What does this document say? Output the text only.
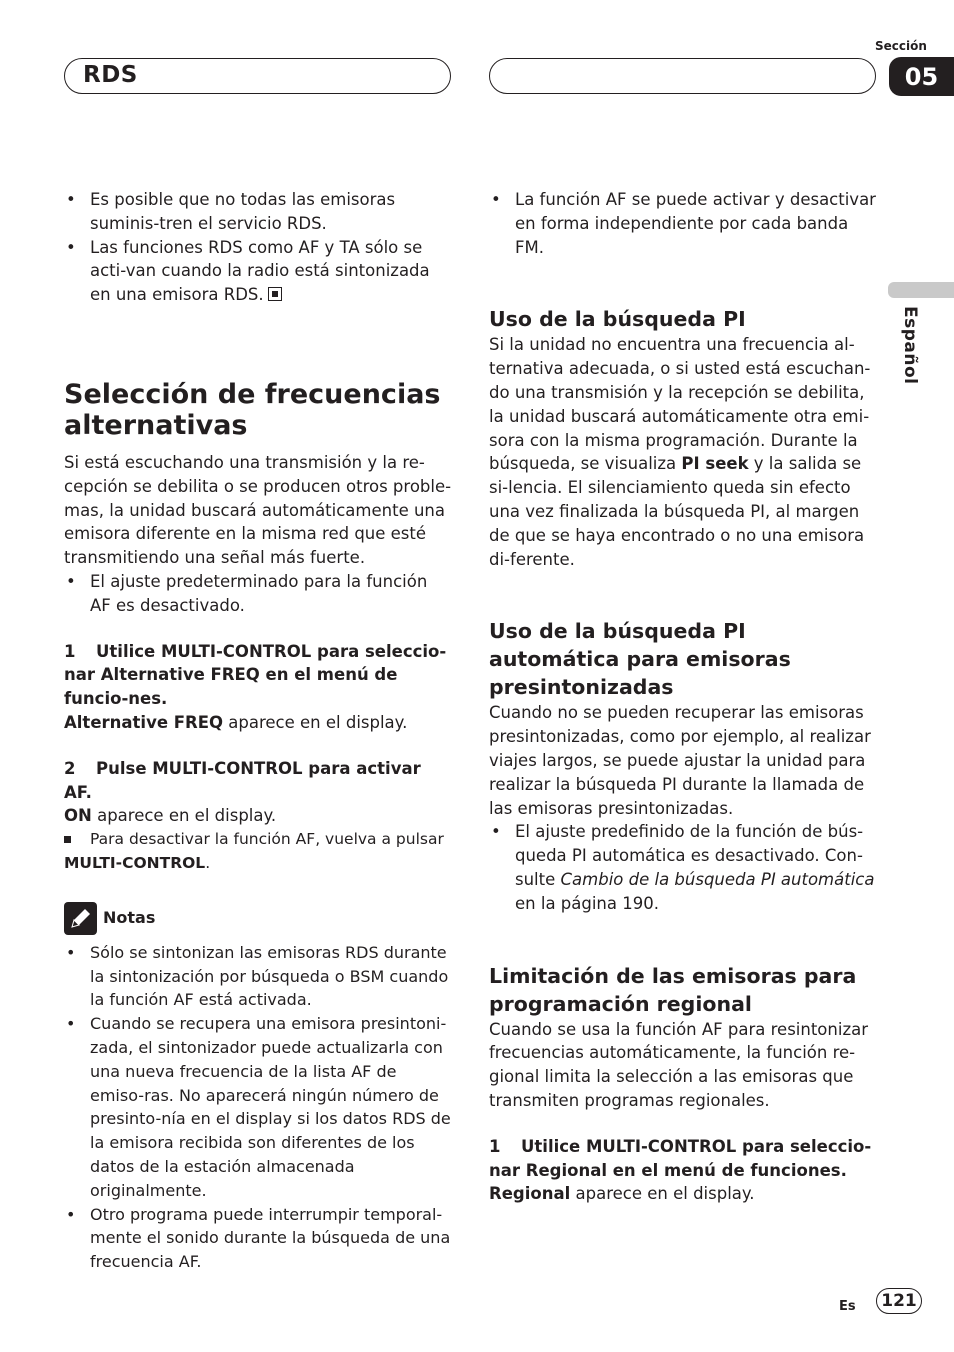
RDS
Sección
05
Español
• Es posible que no todas las emisoras suminis-tren el servicio RDS.
• Las funciones RDS como AF y TA sólo se acti-van cuando la radio está sintonizada en una emisora RDS.
Selección de frecuencias alternativas

Si está escuchando una transmisión y la re-cepción se debilita o se producen otros proble-mas, la unidad buscará automáticamente una emisora diferente en la misma red que esté transmitiendo una señal más fuerte.

• El ajuste predeterminado para la función AF es desactivado.
1 Utilice MULTI-CONTROL para seleccio-nar Alternative FREQ en el menú de funcio-nes.

Alternative FREQ aparece en el display.

2 Pulse MULTI-CONTROL para activar AF.

ON aparece en el display.

Para desactivar la función AF, vuelva a pulsar

MULTI-CONTROL.

Notas
• Sólo se sintonizan las emisoras RDS durante la sintonización por búsqueda o BSM cuando la función AF está activada.
• Cuando se recupera una emisora presintoni-zada, el sintonizador puede actualizarla con una nueva frecuencia de la lista AF de emiso-ras. No aparecerá ningún número de presinto-nía en el display si los datos RDS de la emisora recibida son diferentes de los datos de la estación almacenada originalmente.
• Otro programa puede interrumpir temporal-mente el sonido durante la búsqueda de una frecuencia AF.
• La función AF se puede activar y desactivar en forma independiente por cada banda FM.
Uso de la búsqueda PI

Si la unidad no encuentra una frecuencia al-ternativa adecuada, o si usted está escuchan-do una transmisión y la recepción se debilita, la unidad buscará automáticamente otra emi-sora con la misma programación. Durante la búsqueda, se visualiza PI seek y la salida se si-lencia. El silenciamiento queda sin efecto una vez finalizada la búsqueda PI, al margen de que se haya encontrado o no una emisora di-ferente.

Uso de la búsqueda PI automática para emisoras presintonizadas

Cuando no se pueden recuperar las emisoras presintonizadas, como por ejemplo, al realizar viajes largos, se puede ajustar la unidad para realizar la búsqueda PI durante la llamada de las emisoras presintonizadas.

• El ajuste predefinido de la función de bús-queda PI automática es desactivado. Con-sulte Cambio de la búsqueda PI automática en la página 190.
Limitación de las emisoras para programación regional

Cuando se usa la función AF para resintonizar frecuencias automáticamente, la función re-gional limita la selección a las emisoras que transmiten programas regionales.

1 Utilice MULTI-CONTROL para seleccio-nar Regional en el menú de funciones.

Regional aparece en el display.

Es	121
